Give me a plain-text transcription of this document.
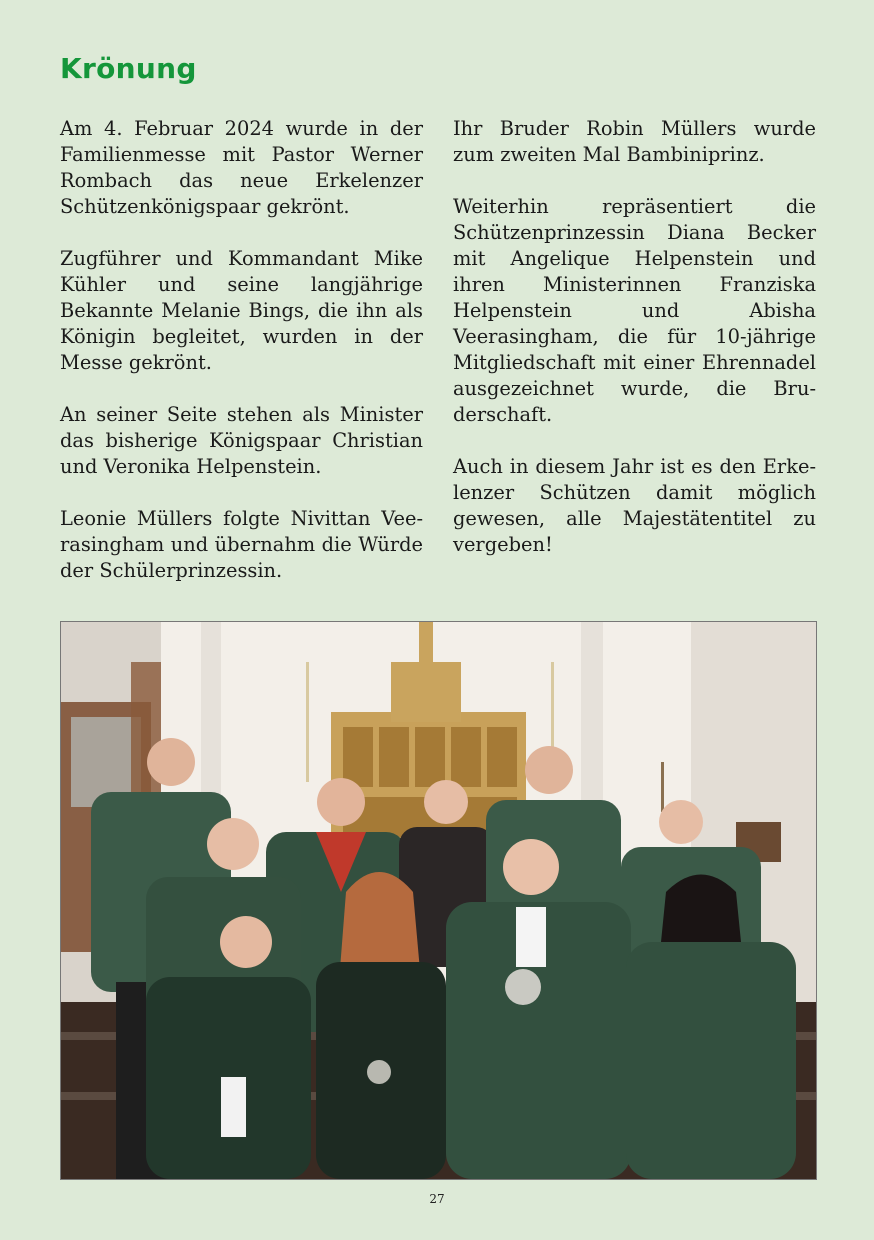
Krönung

Am 4. Februar 2024 wurde in der Familienmesse mit Pastor Werner Rombach das neue Erkelenzer Schützenkönigspaar gekrönt.

Zugführer und Kommandant Mike Kühler und seine langjährige Bekannte Melanie Bings, die ihn als Königin begleitet, wurden in der Messe gekrönt.

An seiner Seite stehen als Minister das bisherige Königspaar Christian und Veronika Helpenstein.

Leonie Müllers folgte Nivittan Veerasingham und übernahm die Würde der Schülerprinzessin.

Ihr Bruder Robin Müllers wurde zum zweiten Mal Bambiniprinz.

Weiterhin repräsentiert die Schützenprinzessin Diana Becker mit Angelique Helpenstein und ihren Ministerinnen Franziska Helpenstein und Abisha Veerasingham, die für 10-jährige Mitgliedschaft mit einer Ehrennadel ausgezeichnet wurde, die Bruderschaft.

Auch in diesem Jahr ist es den Erkelenzer Schützen damit möglich gewesen, alle Majestätentitel zu vergeben!

27
